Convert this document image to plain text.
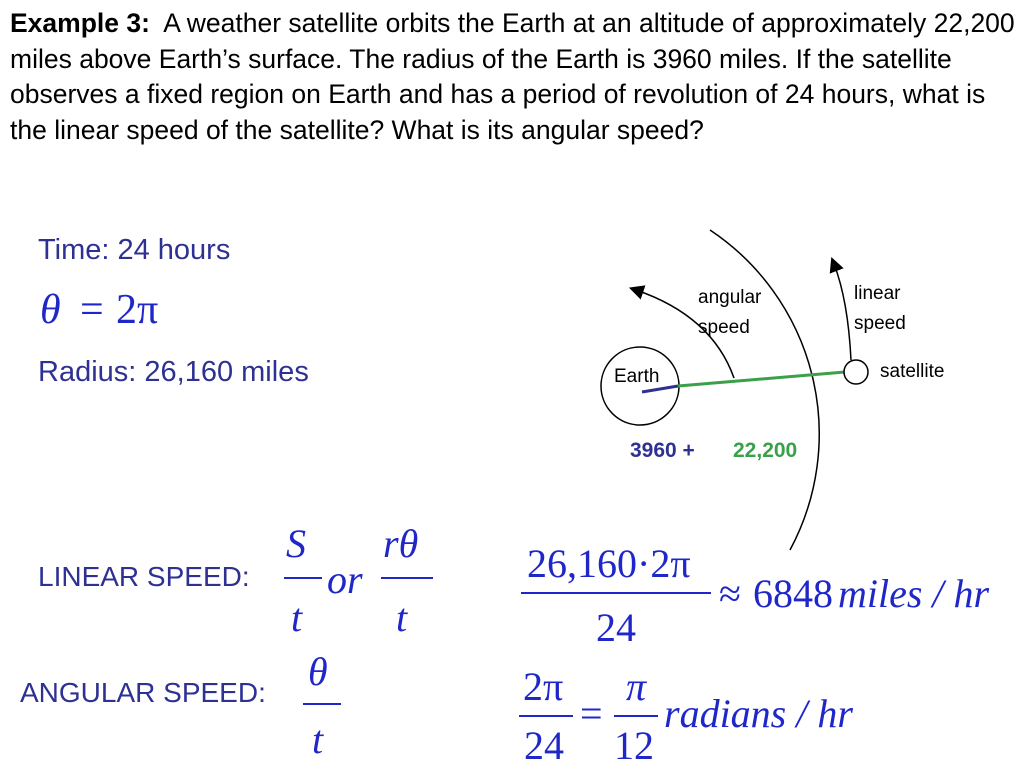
Example 3: A weather satellite orbits the Earth at an altitude of approximately 22,200 miles above Earth’s surface. The radius of the Earth is 3960 miles. If the satellite observes a fixed region on Earth and has a period of revolution of 24 hours, what is the linear speed of the satellite? What is its angular speed?
Time: 24 hours
θ = 2π
Radius: 26,160 miles
angular
speed
linear
speed
Earth	satellite
3960 + 22,200
LINEAR SPEED:
S
t
or
rθ
t
26,160·2π
24
≈ 6848 miles / hr
ANGULAR SPEED: θ
t
2π
24
=
π
12
radians / hr
